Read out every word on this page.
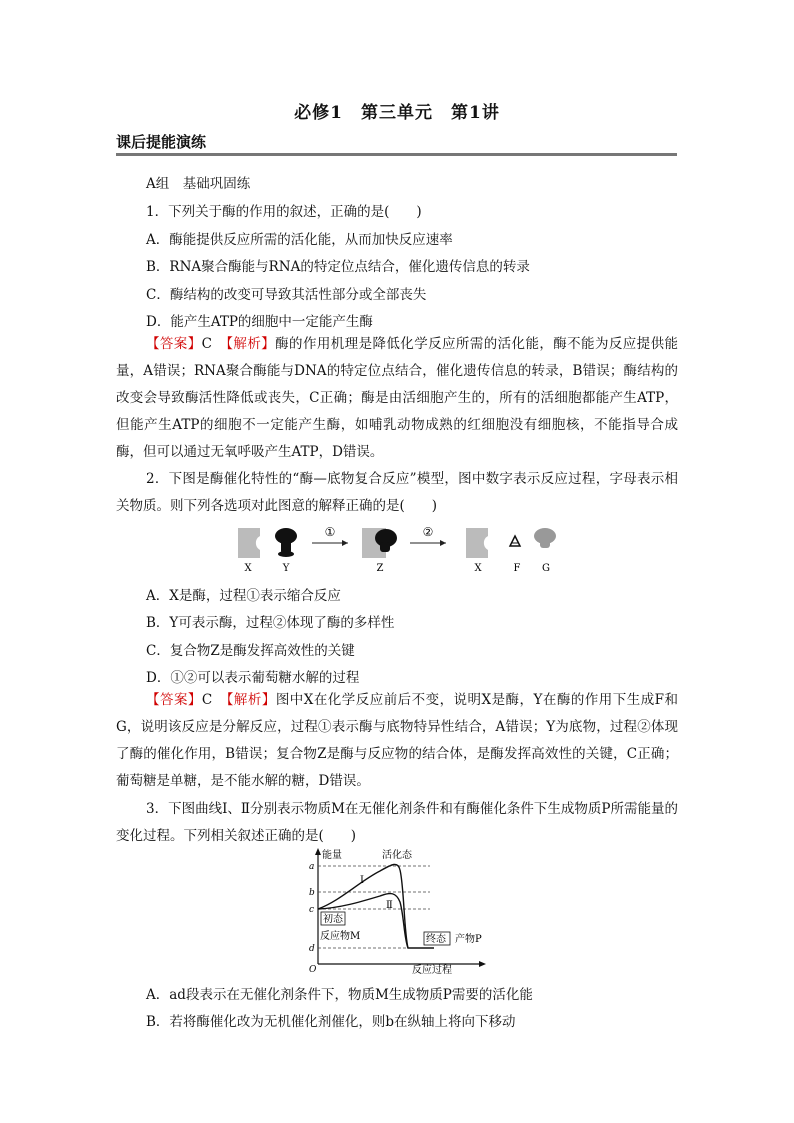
必修1　第三单元　第1讲
课后提能演练
A组　基础巩固练
1．下列关于酶的作用的叙述，正确的是(　　)
A．酶能提供反应所需的活化能，从而加快反应速率
B．RNA聚合酶能与RNA的特定位点结合，催化遗传信息的转录
C．酶结构的改变可导致其活性部分或全部丧失
D．能产生ATP的细胞中一定能产生酶
【答案】C　【解析】酶的作用机理是降低化学反应所需的活化能，酶不能为反应提供能量，A错误；RNA聚合酶能与DNA的特定位点结合，催化遗传信息的转录，B错误；酶结构的改变会导致酶活性降低或丧失，C正确；酶是由活细胞产生的，所有的活细胞都能产生ATP，但能产生ATP的细胞不一定能产生酶，如哺乳动物成熟的红细胞没有细胞核，不能指导合成酶，但可以通过无氧呼吸产生ATP，D错误。
2．下图是酶催化特性的“酶—底物复合反应”模型，图中数字表示反应过程，字母表示相关物质。则下列各选项对此图意的解释正确的是(　　)
①	②
X	Y	Z	X	F G
A．X是酶，过程①表示缩合反应
B．Y可表示酶，过程②体现了酶的多样性
C．复合物Z是酶发挥高效性的关键
D．①②可以表示葡萄糖水解的过程
【答案】C　【解析】图中X在化学反应前后不变，说明X是酶，Y在酶的作用下生成F和G，说明该反应是分解反应，过程①表示酶与底物特异性结合，A错误；Y为底物，过程②体现了酶的催化作用，B错误；复合物Z是酶与反应物的结合体，是酶发挥高效性的关键，C正确；葡萄糖是单糖，是不能水解的糖，D错误。
3．下图曲线Ⅰ、Ⅱ分别表示物质M在无催化剂条件和有酶催化条件下生成物质P所需能量的变化过程。下列相关叙述正确的是(　　)
能量
反应过程
O
a
b
c
d
活化态
Ⅰ
Ⅱ
初态
反应物M	终态 产物P
A．ad段表示在无催化剂条件下，物质M生成物质P需要的活化能
B．若将酶催化改为无机催化剂催化，则b在纵轴上将向下移动
